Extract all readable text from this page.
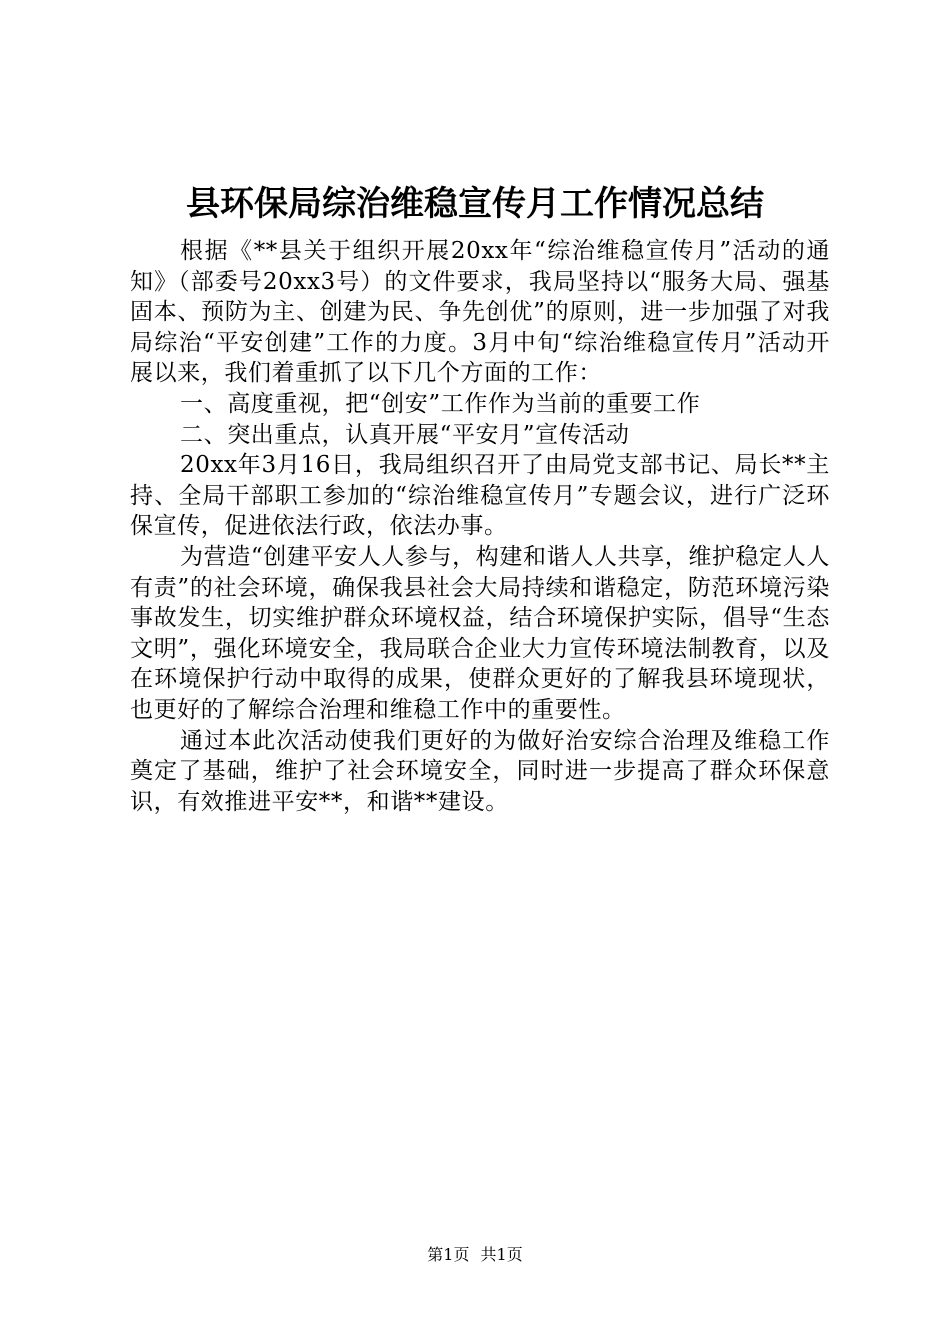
县环保局综治维稳宣传月工作情况总结

根据《**县关于组织开展20xx年“综治维稳宣传月”活动的通知》（部委号20xx3号）的文件要求，我局坚持以“服务大局、强基固本、预防为主、创建为民、争先创优”的原则，进一步加强了对我局综治“平安创建”工作的力度。3月中旬“综治维稳宣传月”活动开展以来，我们着重抓了以下几个方面的工作：

一、高度重视，把“创安”工作作为当前的重要工作

二、突出重点，认真开展“平安月”宣传活动

20xx年3月16日，我局组织召开了由局党支部书记、局长**主持、全局干部职工参加的“综治维稳宣传月”专题会议，进行广泛环保宣传，促进依法行政，依法办事。

为营造“创建平安人人参与，构建和谐人人共享，维护稳定人人有责”的社会环境，确保我县社会大局持续和谐稳定，防范环境污染事故发生，切实维护群众环境权益，结合环境保护实际，倡导“生态文明”，强化环境安全，我局联合企业大力宣传环境法制教育，以及在环境保护行动中取得的成果，使群众更好的了解我县环境现状，也更好的了解综合治理和维稳工作中的重要性。

通过本此次活动使我们更好的为做好治安综合治理及维稳工作奠定了基础，维护了社会环境安全，同时进一步提高了群众环保意识，有效推进平安**，和谐**建设。

第1页 共1页
